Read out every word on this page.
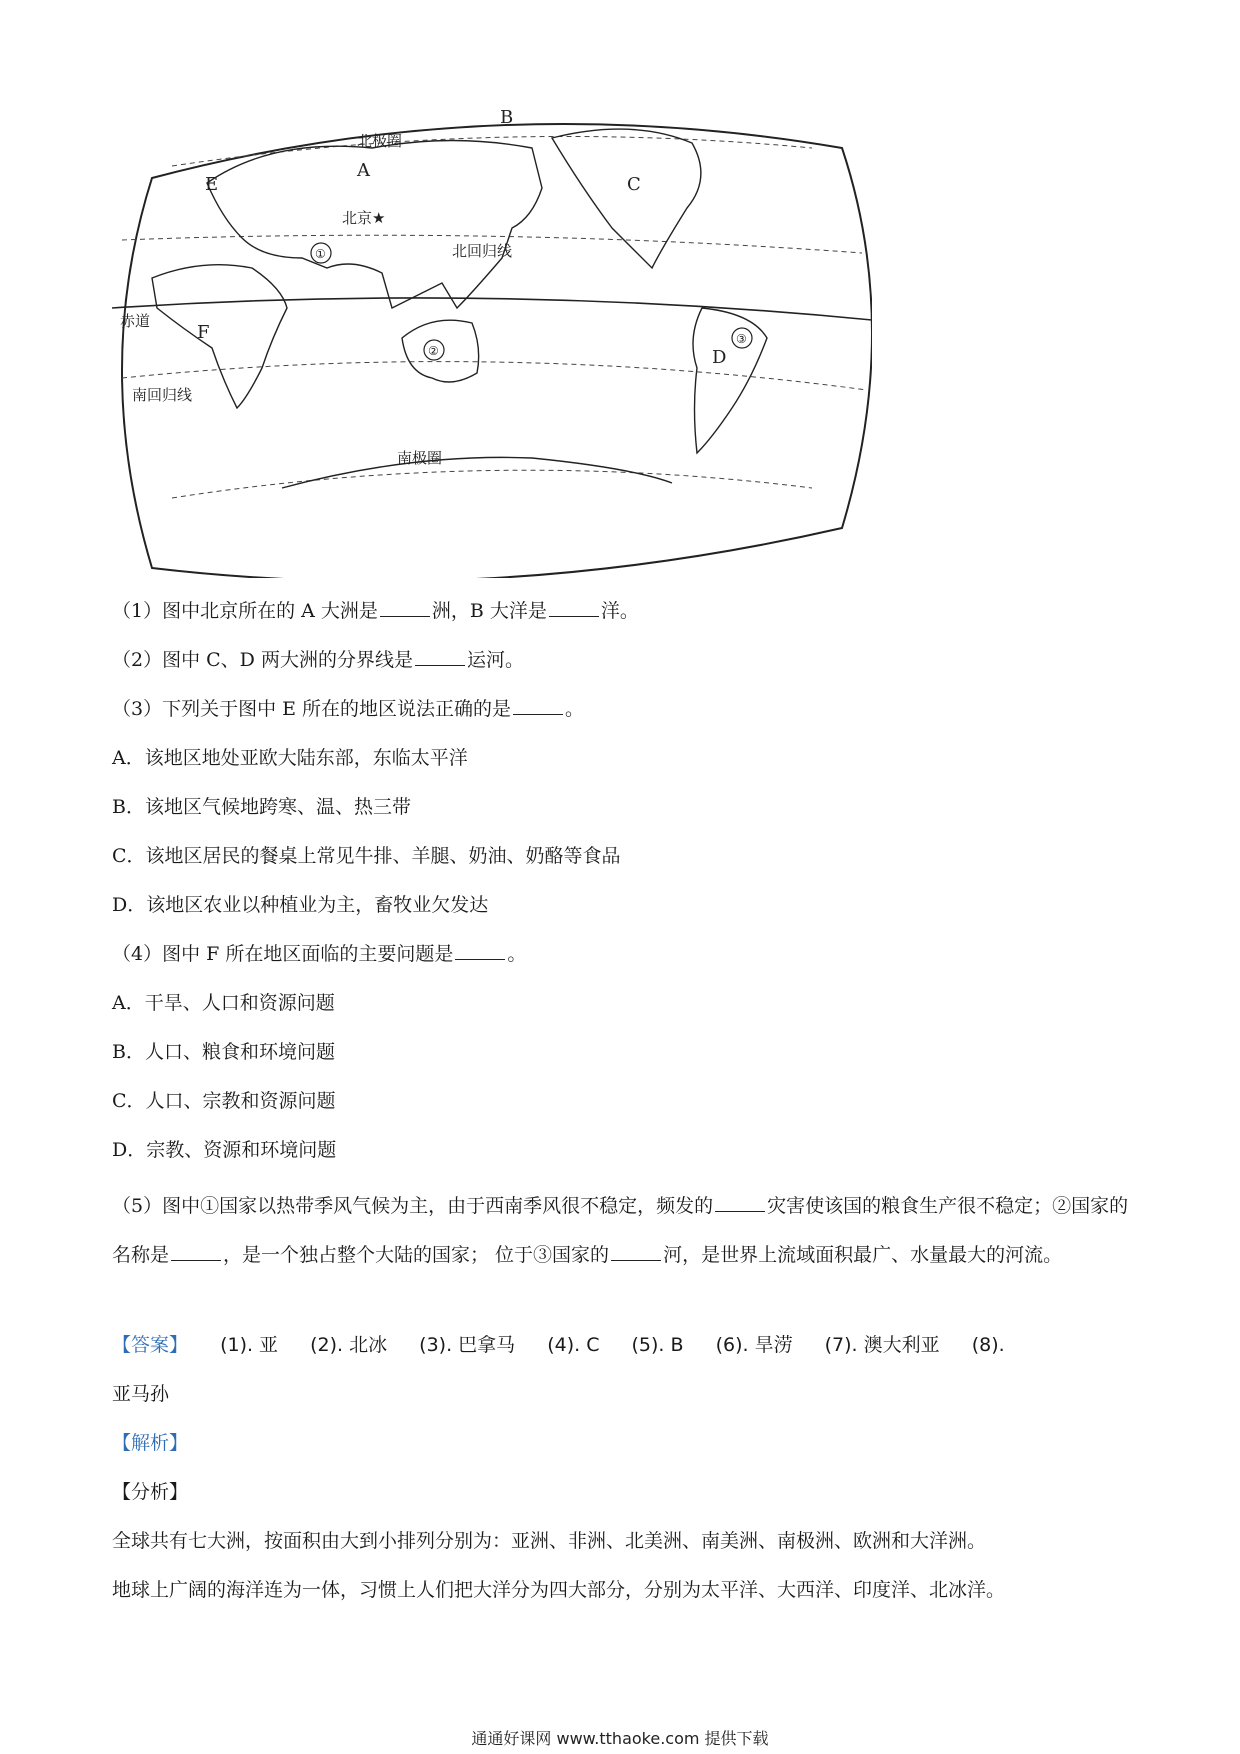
北极圈
北回归线
赤道
南回归线
南极圈
北京★
A
B
C
D
E
F
①
②
③
（1）图中北京所在的 A 大洲是	洲，B 大洋是	洋。
（2）图中 C、D 两大洲的分界线是	运河。
（3）下列关于图中 E 所在的地区说法正确的是	。
A．该地区地处亚欧大陆东部，东临太平洋
B．该地区气候地跨寒、温、热三带
C．该地区居民的餐桌上常见牛排、羊腿、奶油、奶酪等食品
D．该地区农业以种植业为主，畜牧业欠发达
（4）图中 F 所在地区面临的主要问题是	。
A．干旱、人口和资源问题
B．人口、粮食和环境问题
C．人口、宗教和资源问题
D．宗教、资源和环境问题
（5）图中①国家以热带季风气候为主，由于西南季风很不稳定，频发的	灾害使该国的粮食生产很不稳定；②国家的名称是	，是一个独占整个大陆的国家； 位于③国家的	河，是世界上流域面积最广、水量最大的河流。
【答案】 (1). 亚 (2). 北冰 (3). 巴拿马 (4). C (5). B (6). 旱涝 (7). 澳大利亚 (8).
亚马孙
【解析】
【分析】
全球共有七大洲，按面积由大到小排列分别为：亚洲、非洲、北美洲、南美洲、南极洲、欧洲和大洋洲。
地球上广阔的海洋连为一体，习惯上人们把大洋分为四大部分，分别为太平洋、大西洋、印度洋、北冰洋。
通通好课网 www.tthaoke.com 提供下载
